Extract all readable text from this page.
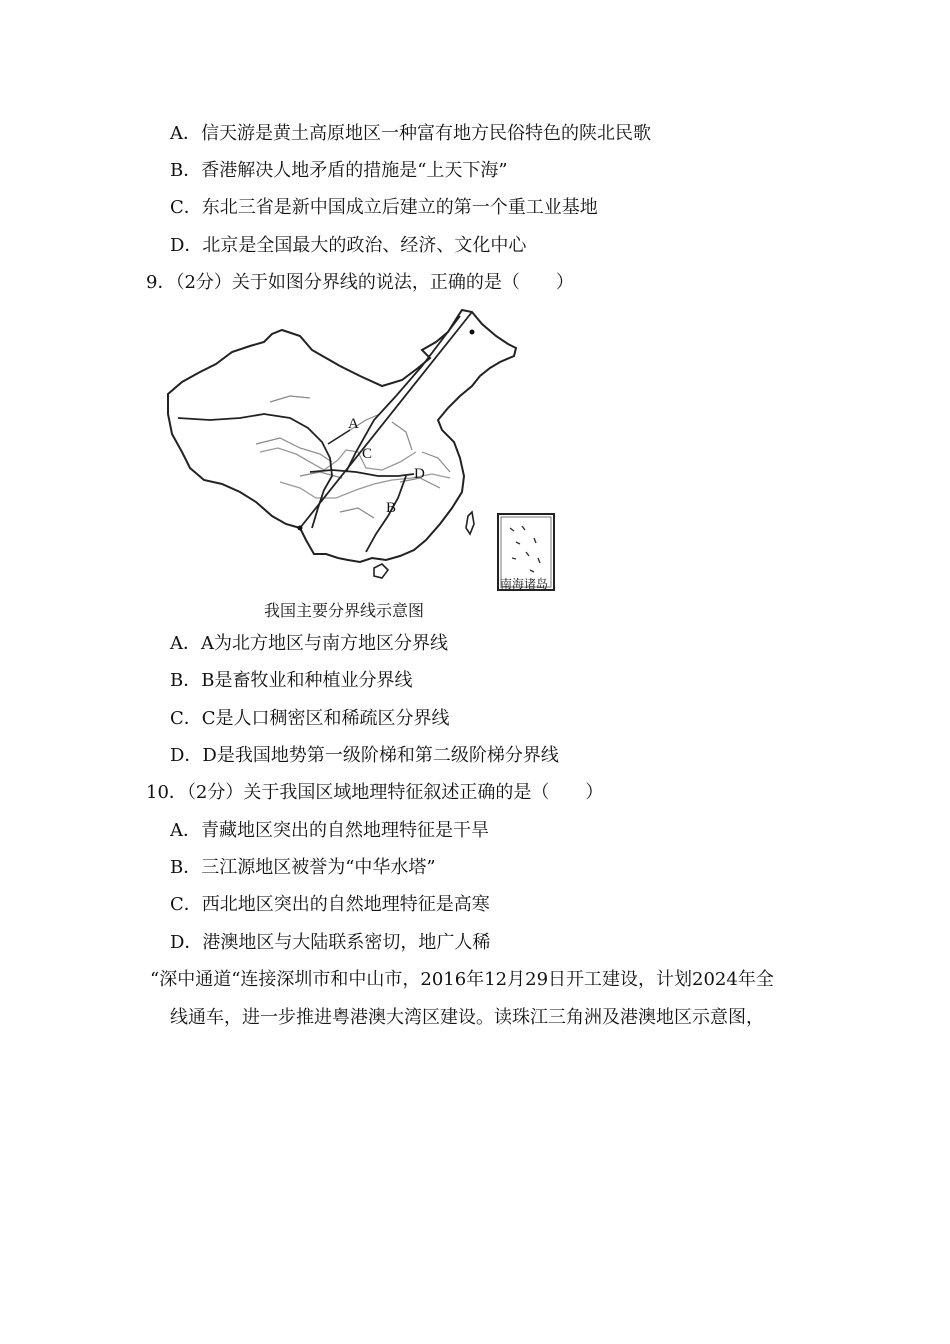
A．信天游是黄土高原地区一种富有地方民俗特色的陕北民歌
B．香港解决人地矛盾的措施是“上天下海”
C．东北三省是新中国成立后建立的第一个重工业基地
D．北京是全国最大的政治、经济、文化中心
9．（2分）关于如图分界线的说法，正确的是（　　）
A
C
D
B
南海诸岛
我国主要分界线示意图
A．A为北方地区与南方地区分界线
B．B是畜牧业和种植业分界线
C．C是人口稠密区和稀疏区分界线
D．D是我国地势第一级阶梯和第二级阶梯分界线
10．（2分）关于我国区域地理特征叙述正确的是（　　）
A．青藏地区突出的自然地理特征是干旱
B．三江源地区被誉为“中华水塔”
C．西北地区突出的自然地理特征是高寒
D．港澳地区与大陆联系密切，地广人稀
“深中通道“连接深圳市和中山市，2016年12月29日开工建设，计划2024年全
线通车，进一步推进粤港澳大湾区建设。读珠江三角洲及港澳地区示意图，
